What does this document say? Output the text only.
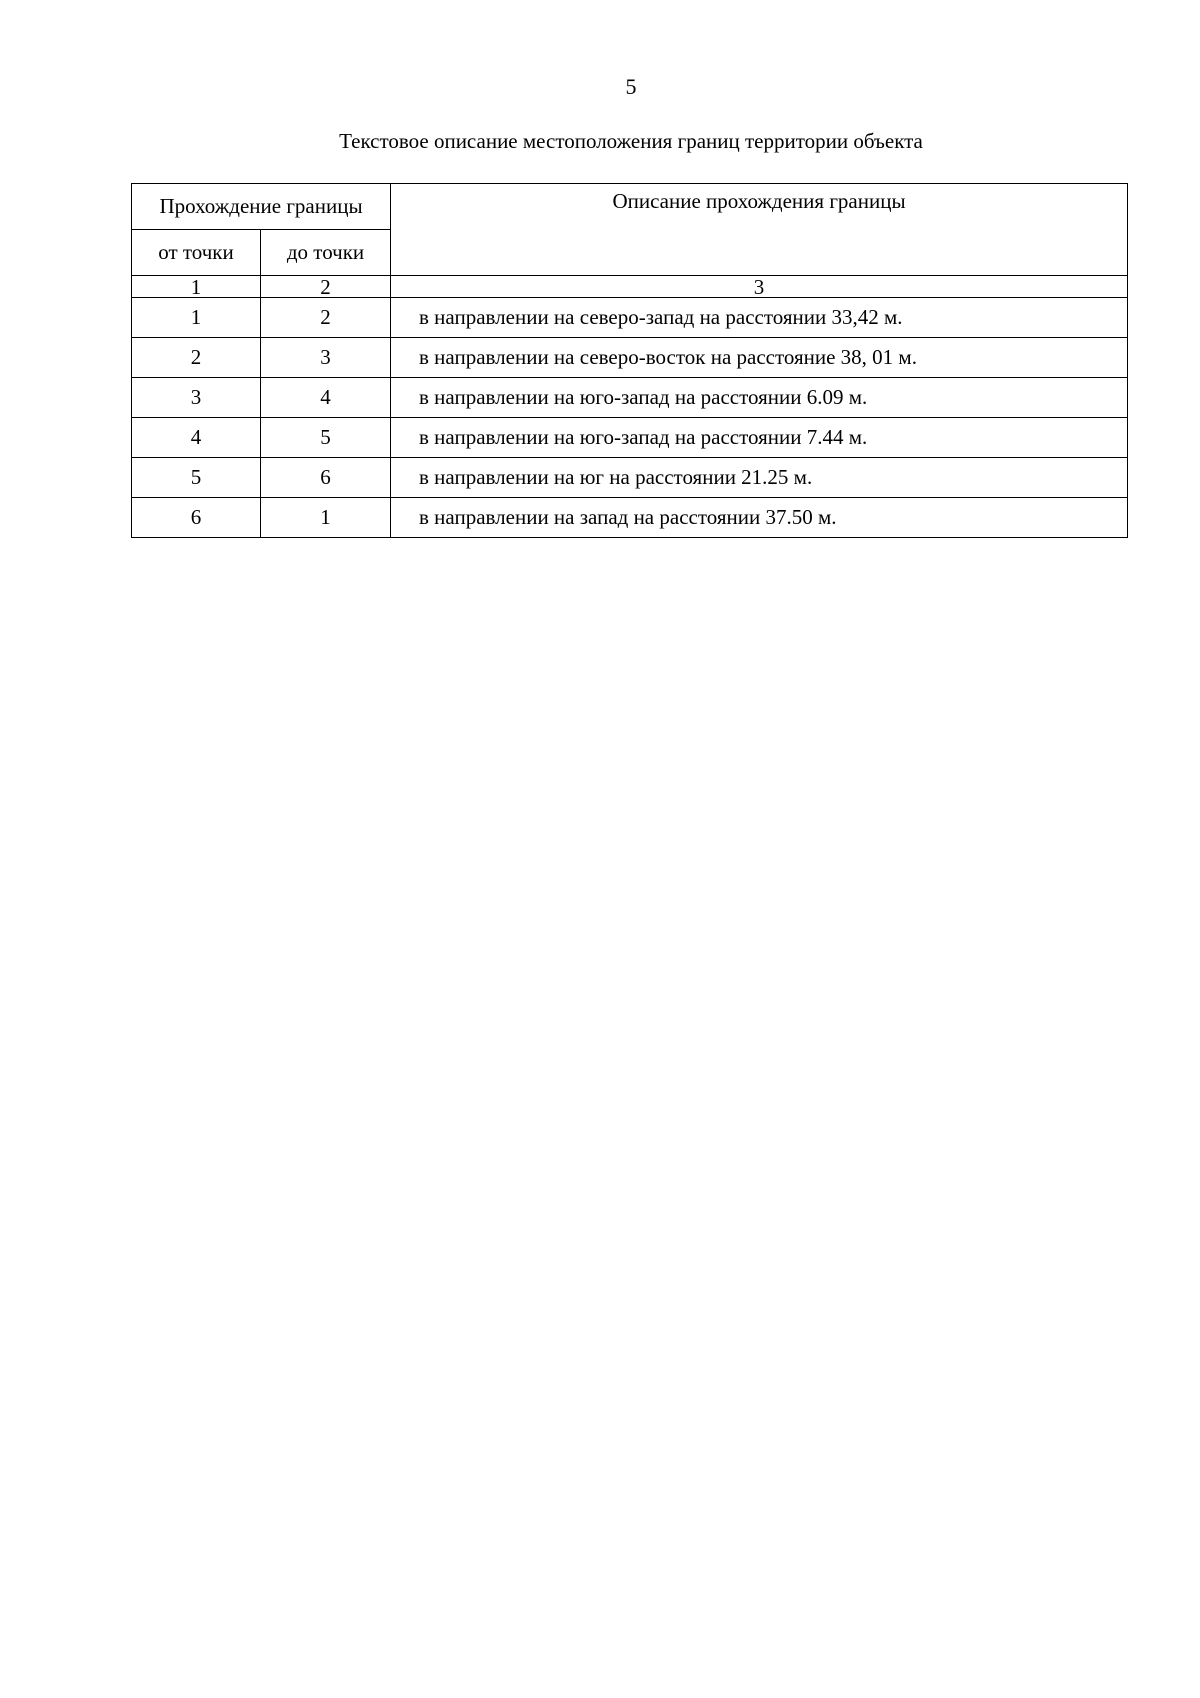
5
Текстовое описание местоположения границ территории объекта
Прохождение границы		Описание прохождения границы
от точки	до точки	
1	2	3
1	2	в направлении на северо-запад на расстоянии 33,42 м.
2	3	в направлении на северо-восток на расстояние 38, 01 м.
3	4	в направлении на юго-запад на расстоянии 6.09 м.
4	5	в направлении на юго-запад на расстоянии 7.44 м.
5	6	в направлении на юг на расстоянии 21.25 м.
6	1	в направлении на запад на расстоянии 37.50 м.
